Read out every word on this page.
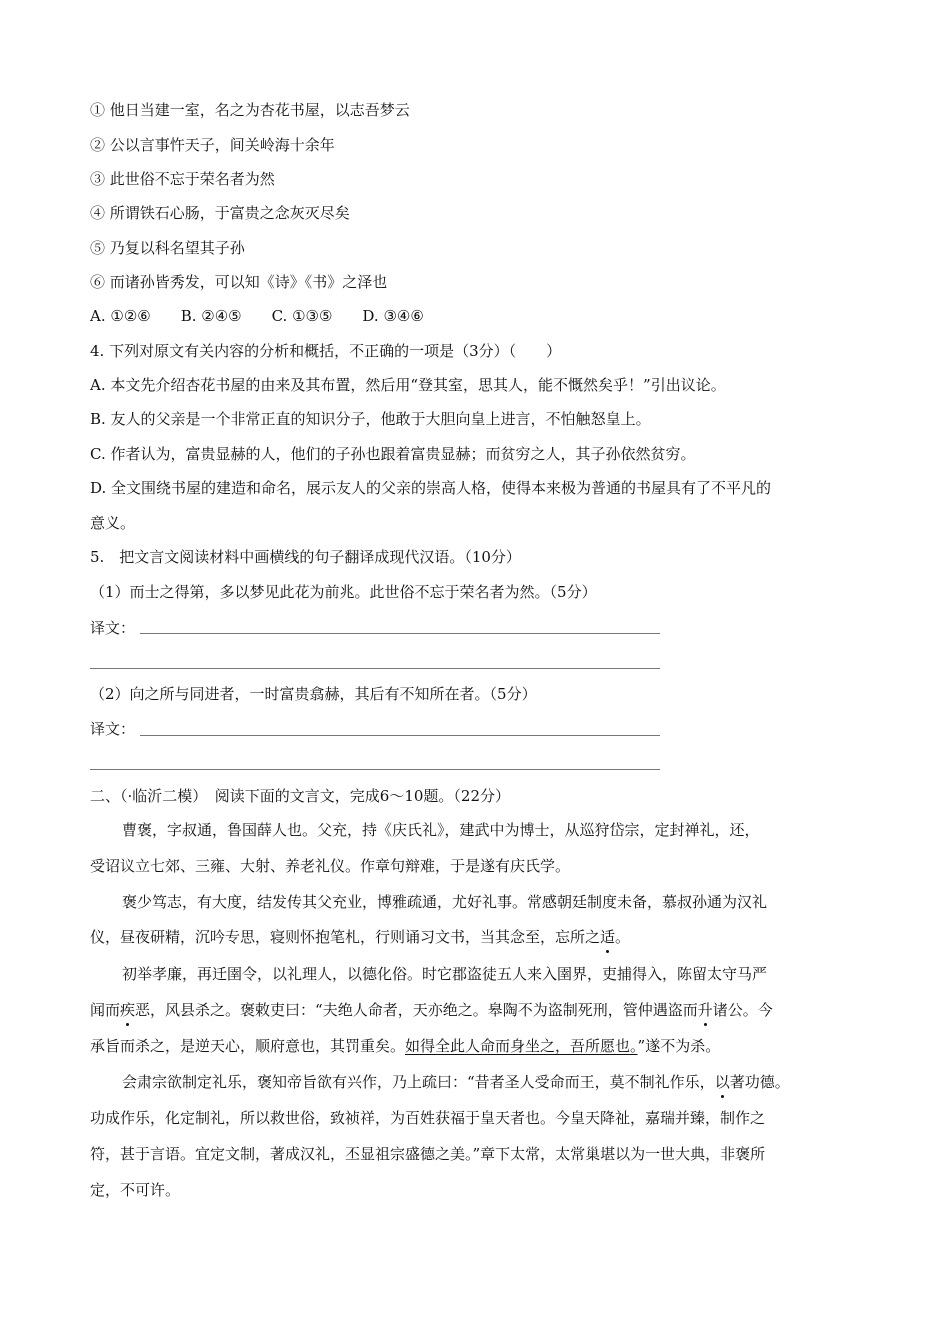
① 他日当建一室，名之为杏花书屋，以志吾梦云
② 公以言事忤天子，间关岭海十余年
③ 此世俗不忘于荣名者为然
④ 所谓铁石心肠，于富贵之念灰灭尽矣
⑤ 乃复以科名望其子孙
⑥ 而诸孙皆秀发，可以知《诗》《书》之泽也
A. ①②⑥　　B. ②④⑤　　C. ①③⑤　　D. ③④⑥
4. 下列对原文有关内容的分析和概括，不正确的一项是（3分）（　　）
A. 本文先介绍杏花书屋的由来及其布置，然后用“登其室，思其人，能不慨然矣乎！”引出议论。
B. 友人的父亲是一个非常正直的知识分子，他敢于大胆向皇上进言，不怕触怒皇上。
C. 作者认为，富贵显赫的人，他们的子孙也跟着富贵显赫；而贫穷之人，其子孙依然贫穷。
D. 全文围绕书屋的建造和命名，展示友人的父亲的崇高人格，使得本来极为普通的书屋具有了不平凡的
意义。
5.　把文言文阅读材料中画横线的句子翻译成现代汉语。（10分）
（1）而士之得第，多以梦见此花为前兆。此世俗不忘于荣名者为然。（5分）
译文：
（2）向之所与同进者，一时富贵翕赫，其后有不知所在者。（5分）
译文：
二、（·临沂二模）　阅读下面的文言文，完成6～10题。（22分）
曹褒，字叔通，鲁国薛人也。父充，持《庆氏礼》，建武中为博士，从巡狩岱宗，定封禅礼，还，
受诏议立七郊、三雍、大射、养老礼仪。作章句辩难，于是遂有庆氏学。
褒少笃志，有大度，结发传其父充业，博雅疏通，尤好礼事。常感朝廷制度未备，慕叔孙通为汉礼
仪，昼夜研精，沉吟专思，寝则怀抱笔札，行则诵习文书，当其念至，忘所之适。
初举孝廉，再迁圉令，以礼理人，以德化俗。时它郡盗徒五人来入圉界，吏捕得入，陈留太守马严
闻而疾恶，风县杀之。褒敕吏曰：“夫绝人命者，天亦绝之。皋陶不为盗制死刑，管仲遇盗而升诸公。今
承旨而杀之，是逆天心，顺府意也，其罚重矣。如得全此人命而身坐之，吾所愿也。”遂不为杀。
会肃宗欲制定礼乐，褒知帝旨欲有兴作，乃上疏曰：“昔者圣人受命而王，莫不制礼作乐，以著功德。
功成作乐，化定制礼，所以救世俗，致祯祥，为百姓获福于皇天者也。今皇天降祉，嘉瑞并臻，制作之
符，甚于言语。宜定文制，著成汉礼，丕显祖宗盛德之美。”章下太常，太常巢堪以为一世大典，非褒所
定，不可许。
